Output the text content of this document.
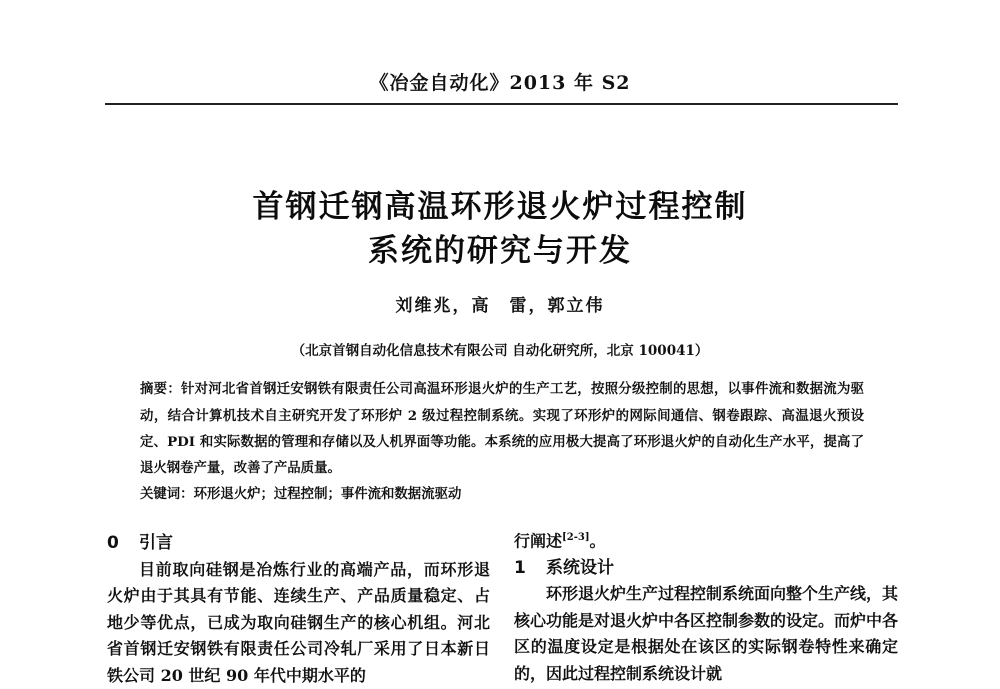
《冶金自动化》2013 年 S2
首钢迁钢高温环形退火炉过程控制
系统的研究与开发
刘维兆，高　雷，郭立伟
（北京首钢自动化信息技术有限公司 自动化研究所，北京 100041）

摘要：针对河北省首钢迁安钢铁有限责任公司高温环形退火炉的生产工艺，按照分级控制的思想，以事件流和数据流为驱动，结合计算机技术自主研究开发了环形炉 2 级过程控制系统。实现了环形炉的网际间通信、钢卷跟踪、高温退火预设定、PDI 和实际数据的管理和存储以及人机界面等功能。本系统的应用极大提高了环形退火炉的自动化生产水平，提高了退火钢卷产量，改善了产品质量。

关键词：环形退火炉；过程控制；事件流和数据流驱动

0 引言

目前取向硅钢是冶炼行业的高端产品，而环形退火炉由于其具有节能、连续生产、产品质量稳定、占地少等优点，已成为取向硅钢生产的核心机组。河北省首钢迁安钢铁有限责任公司冷轧厂采用了日本新日铁公司 20 世纪 90 年代中期水平的

行阐述[2-3]。

1 系统设计

环形退火炉生产过程控制系统面向整个生产线，其核心功能是对退火炉中各区控制参数的设定。而炉中各区的温度设定是根据处在该区的实际钢卷特性来确定的，因此过程控制系统设计就
